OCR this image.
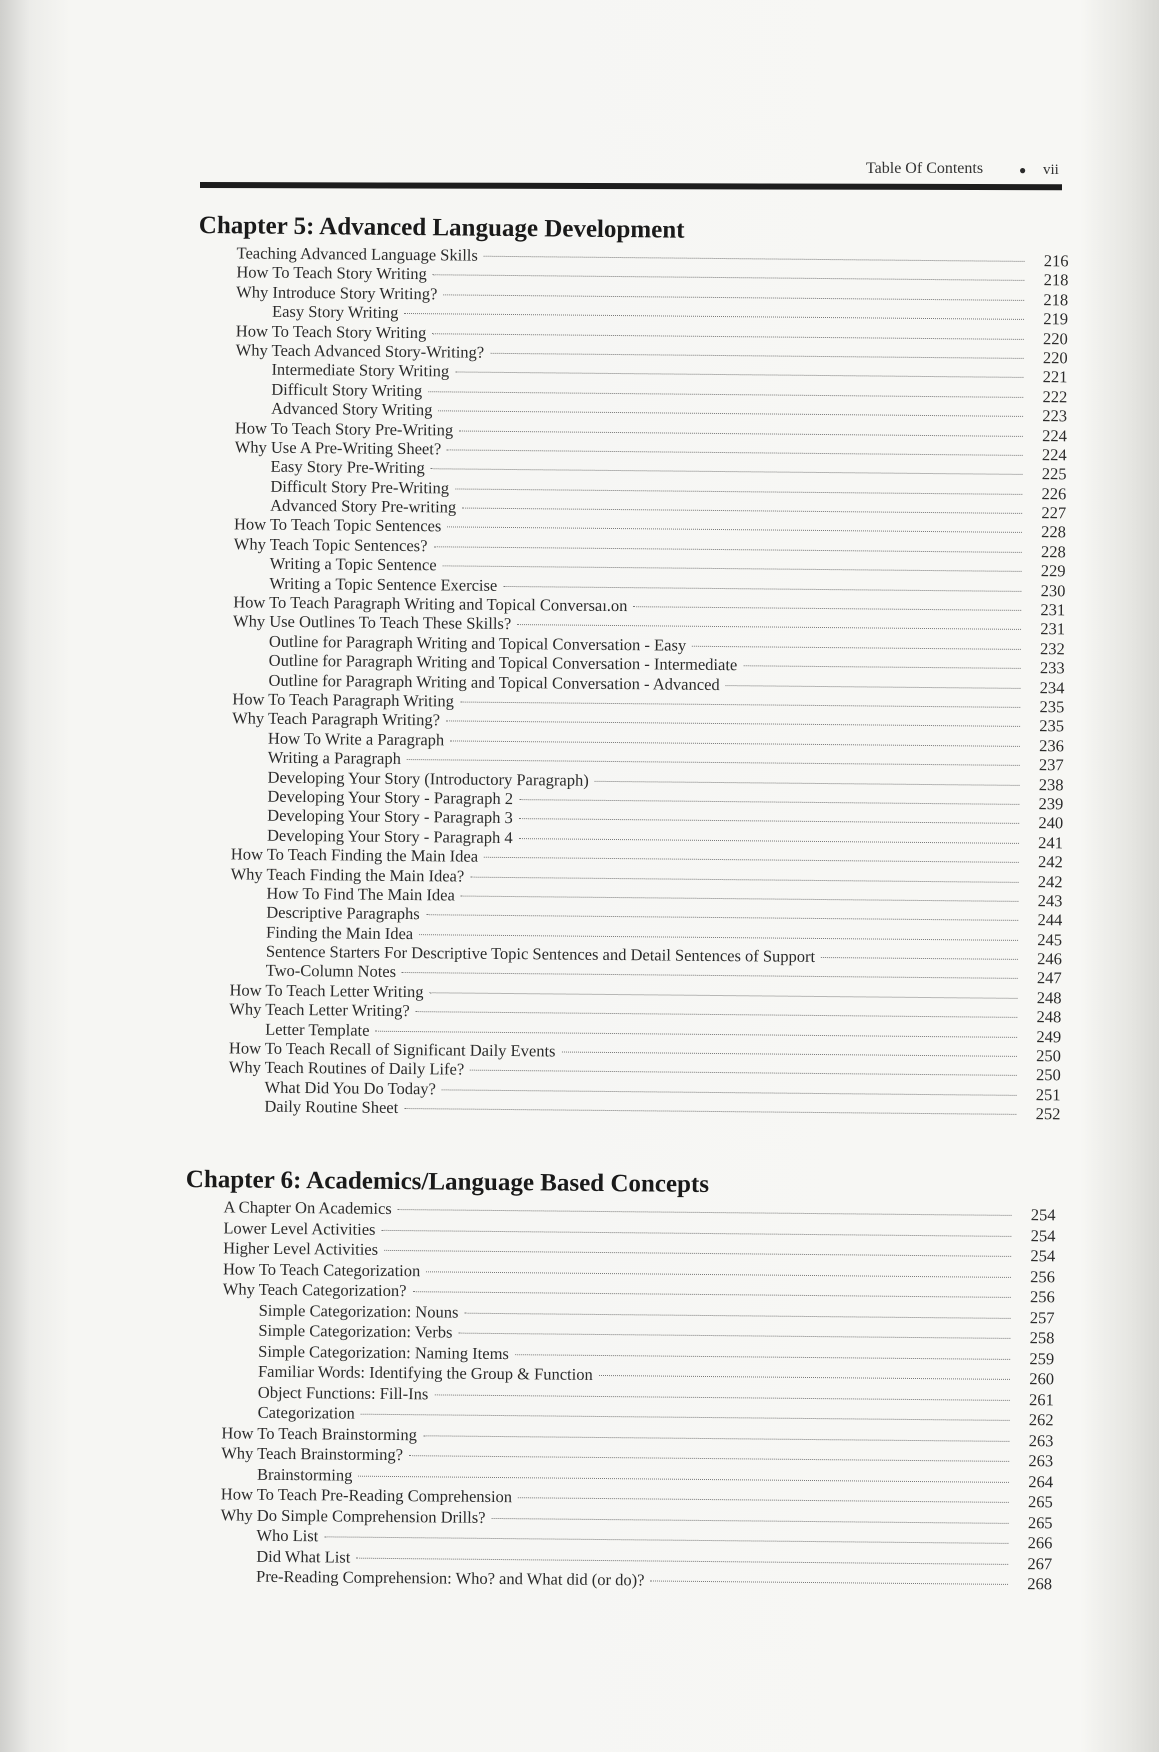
Table Of Contents	● vii
Chapter 5: Advanced Language Development
Teaching Advanced Language Skills	216
How To Teach Story Writing	218
Why Introduce Story Writing?	218
Easy Story Writing	219
How To Teach Story Writing	220
Why Teach Advanced Story-Writing?	220
Intermediate Story Writing	221
Difficult Story Writing	222
Advanced Story Writing	223
How To Teach Story Pre-Writing	224
Why Use A Pre-Writing Sheet?	224
Easy Story Pre-Writing	225
Difficult Story Pre-Writing	226
Advanced Story Pre-writing	227
How To Teach Topic Sentences	228
Why Teach Topic Sentences?	228
Writing a Topic Sentence	229
Writing a Topic Sentence Exercise	230
How To Teach Paragraph Writing and Topical Conversaı.on	231
Why Use Outlines To Teach These Skills?	231
Outline for Paragraph Writing and Topical Conversation - Easy	232
Outline for Paragraph Writing and Topical Conversation - Intermediate	233
Outline for Paragraph Writing and Topical Conversation - Advanced	234
How To Teach Paragraph Writing	235
Why Teach Paragraph Writing?	235
How To Write a Paragraph	236
Writing a Paragraph	237
Developing Your Story (Introductory Paragraph)	238
Developing Your Story - Paragraph 2	239
Developing Your Story - Paragraph 3	240
Developing Your Story - Paragraph 4	241
How To Teach Finding the Main Idea	242
Why Teach Finding the Main Idea?	242
How To Find The Main Idea	243
Descriptive Paragraphs	244
Finding the Main Idea	245
Sentence Starters For Descriptive Topic Sentences and Detail Sentences of Support	246
Two-Column Notes	247
How To Teach Letter Writing	248
Why Teach Letter Writing?	248
Letter Template	249
How To Teach Recall of Significant Daily Events	250
Why Teach Routines of Daily Life?	250
What Did You Do Today?	251
Daily Routine Sheet	252
Chapter 6: Academics/Language Based Concepts
A Chapter On Academics	254
Lower Level Activities	254
Higher Level Activities	254
How To Teach Categorization	256
Why Teach Categorization?	256
Simple Categorization: Nouns	257
Simple Categorization: Verbs	258
Simple Categorization: Naming Items	259
Familiar Words: Identifying the Group & Function	260
Object Functions: Fill-Ins	261
Categorization	262
How To Teach Brainstorming	263
Why Teach Brainstorming?	263
Brainstorming	264
How To Teach Pre-Reading Comprehension	265
Why Do Simple Comprehension Drills?	265
Who List	266
Did What List	267
Pre-Reading Comprehension: Who? and What did (or do)?	268
